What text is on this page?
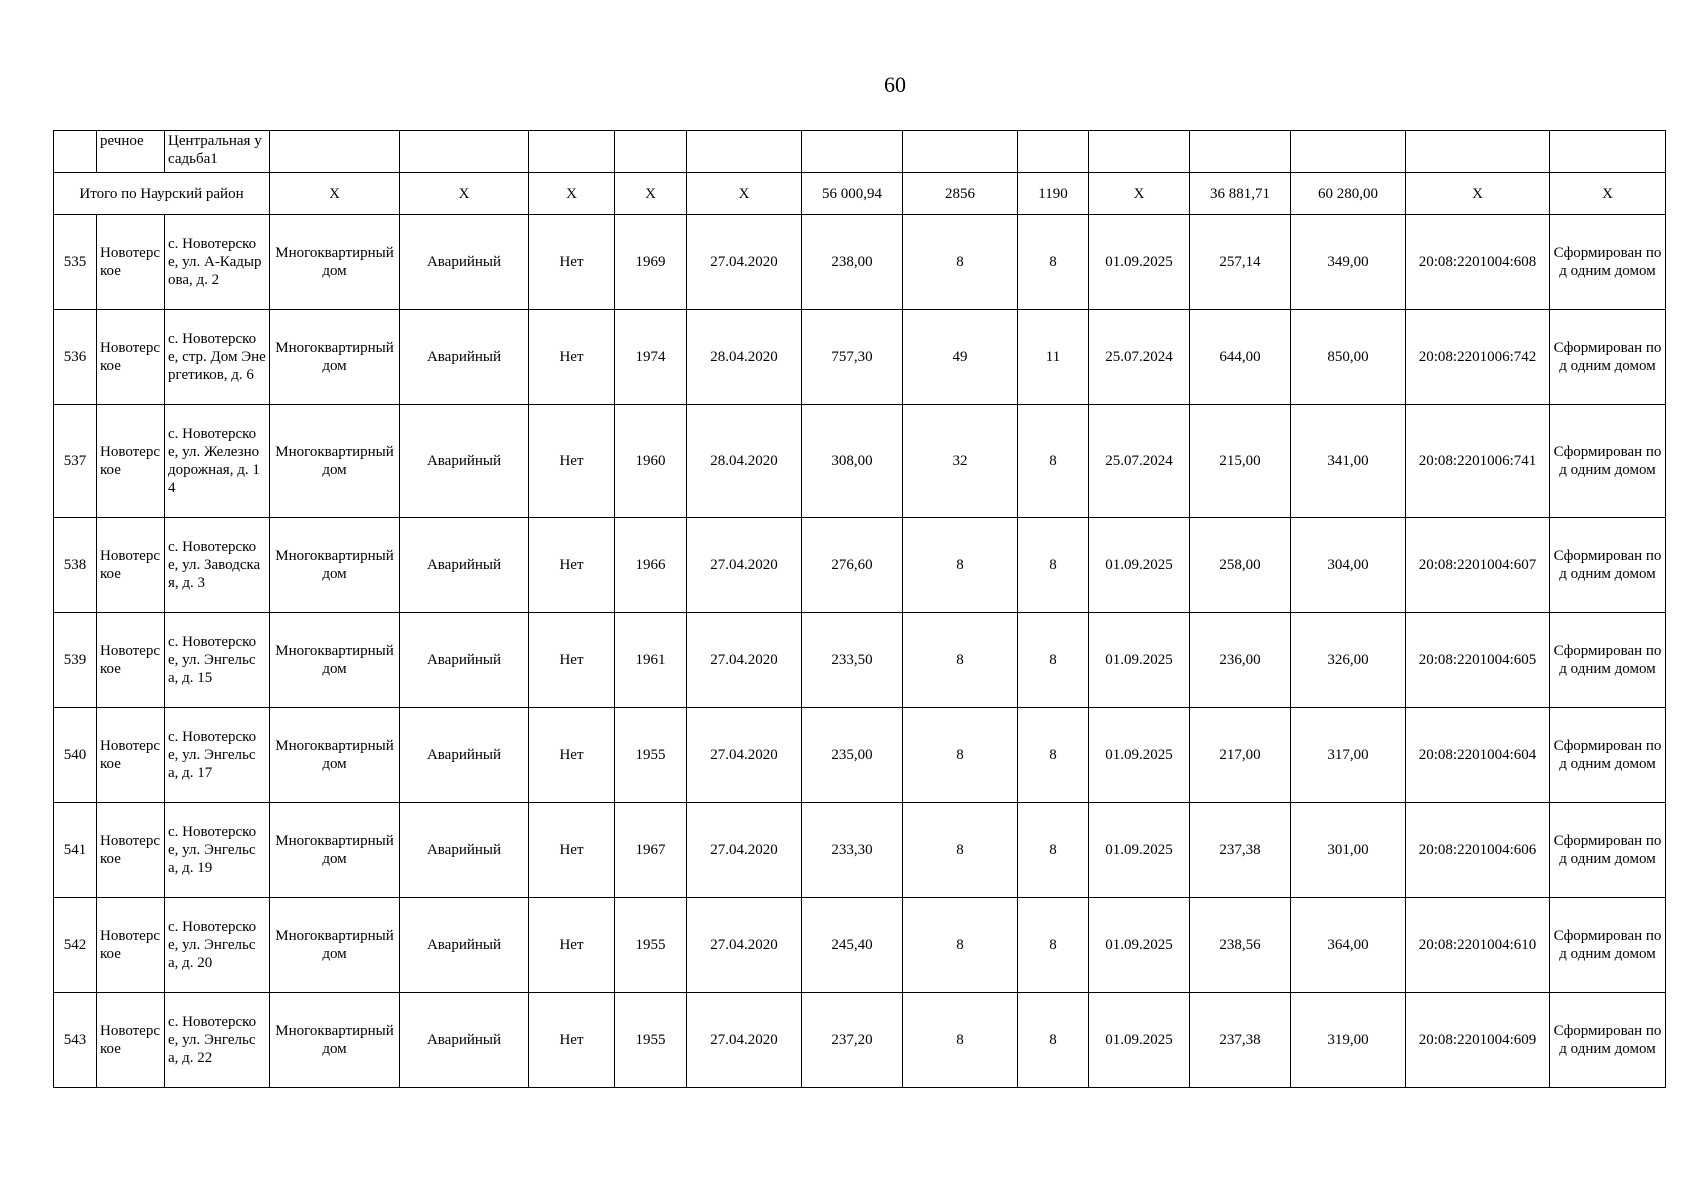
60
	речное	Центральная усадьба1													
Итого по Наурский район			X	X	X	X	X	56 000,94	2856	1190	X	36 881,71	60 280,00	X	X
535	Новотерское	с. Новотерское, ул. А-Кадырова, д. 2	Многоквартирный дом	Аварийный	Нет	1969	27.04.2020	238,00	8	8	01.09.2025	257,14	349,00	20:08:2201004:608	Сформирован под одним домом
536	Новотерское	с. Новотерское, стр. Дом Энергетиков, д. 6	Многоквартирный дом	Аварийный	Нет	1974	28.04.2020	757,30	49	11	25.07.2024	644,00	850,00	20:08:2201006:742	Сформирован под одним домом
537	Новотерское	с. Новотерское, ул. Железнодорожная, д. 14	Многоквартирный дом	Аварийный	Нет	1960	28.04.2020	308,00	32	8	25.07.2024	215,00	341,00	20:08:2201006:741	Сформирован под одним домом
538	Новотерское	с. Новотерское, ул. Заводская, д. 3	Многоквартирный дом	Аварийный	Нет	1966	27.04.2020	276,60	8	8	01.09.2025	258,00	304,00	20:08:2201004:607	Сформирован под одним домом
539	Новотерское	с. Новотерское, ул. Энгельса, д. 15	Многоквартирный дом	Аварийный	Нет	1961	27.04.2020	233,50	8	8	01.09.2025	236,00	326,00	20:08:2201004:605	Сформирован под одним домом
540	Новотерское	с. Новотерское, ул. Энгельса, д. 17	Многоквартирный дом	Аварийный	Нет	1955	27.04.2020	235,00	8	8	01.09.2025	217,00	317,00	20:08:2201004:604	Сформирован под одним домом
541	Новотерское	с. Новотерское, ул. Энгельса, д. 19	Многоквартирный дом	Аварийный	Нет	1967	27.04.2020	233,30	8	8	01.09.2025	237,38	301,00	20:08:2201004:606	Сформирован под одним домом
542	Новотерское	с. Новотерское, ул. Энгельса, д. 20	Многоквартирный дом	Аварийный	Нет	1955	27.04.2020	245,40	8	8	01.09.2025	238,56	364,00	20:08:2201004:610	Сформирован под одним домом
543	Новотерское	с. Новотерское, ул. Энгельса, д. 22	Многоквартирный дом	Аварийный	Нет	1955	27.04.2020	237,20	8	8	01.09.2025	237,38	319,00	20:08:2201004:609	Сформирован под одним домом
